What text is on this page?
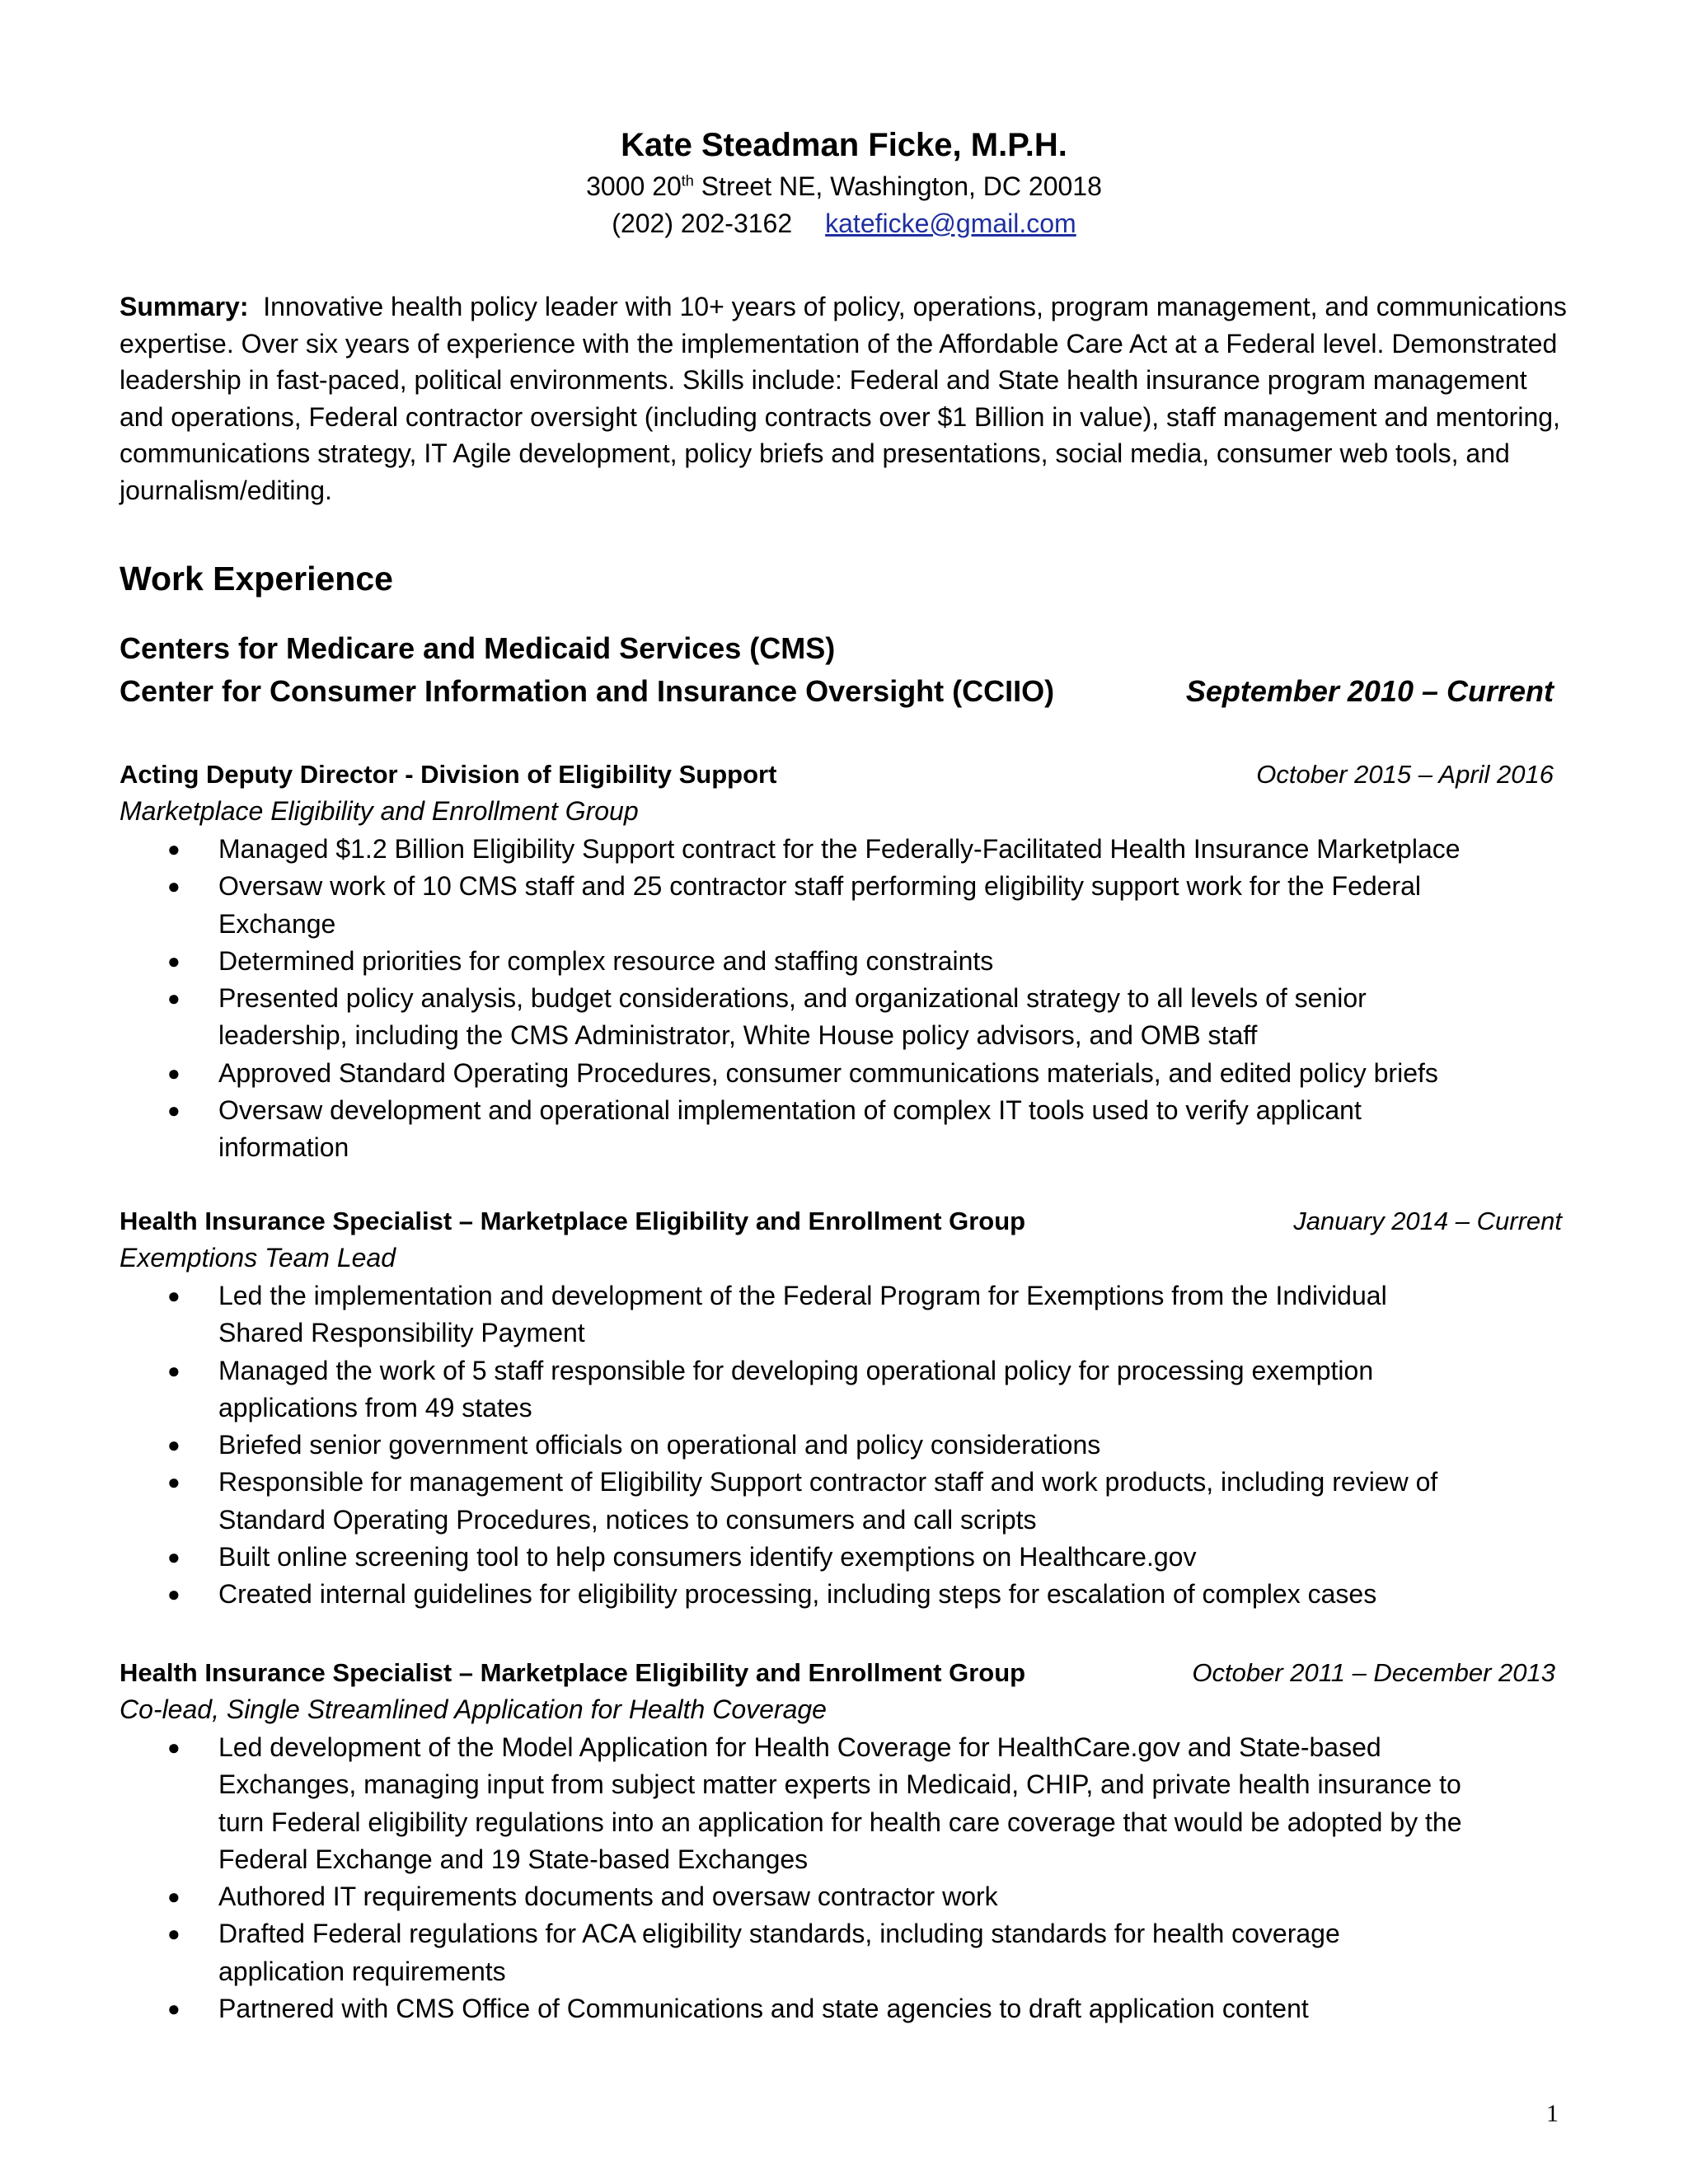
Kate Steadman Ficke, M.P.H.
3000 20th Street NE, Washington, DC 20018
(202) 202-3162 kateficke@gmail.com
Summary: Innovative health policy leader with 10+ years of policy, operations, program management, and communications expertise. Over six years of experience with the implementation of the Affordable Care Act at a Federal level. Demonstrated leadership in fast-paced, political environments. Skills include: Federal and State health insurance program management and operations, Federal contractor oversight (including contracts over $1 Billion in value), staff management and mentoring, communications strategy, IT Agile development, policy briefs and presentations, social media, consumer web tools, and journalism/editing.
Work Experience
Centers for Medicare and Medicaid Services (CMS)
Center for Consumer Information and Insurance Oversight (CCIIO)	September 2010 – Current
Acting Deputy Director - Division of Eligibility Support	October 2015 – April 2016
Marketplace Eligibility and Enrollment Group
● Managed $1.2 Billion Eligibility Support contract for the Federally-Facilitated Health Insurance Marketplace
● Oversaw work of 10 CMS staff and 25 contractor staff performing eligibility support work for the Federal Exchange
● Determined priorities for complex resource and staffing constraints
● Presented policy analysis, budget considerations, and organizational strategy to all levels of senior leadership, including the CMS Administrator, White House policy advisors, and OMB staff
● Approved Standard Operating Procedures, consumer communications materials, and edited policy briefs
● Oversaw development and operational implementation of complex IT tools used to verify applicant information
Health Insurance Specialist – Marketplace Eligibility and Enrollment Group	January 2014 – Current
Exemptions Team Lead
● Led the implementation and development of the Federal Program for Exemptions from the Individual Shared Responsibility Payment
● Managed the work of 5 staff responsible for developing operational policy for processing exemption applications from 49 states
● Briefed senior government officials on operational and policy considerations
● Responsible for management of Eligibility Support contractor staff and work products, including review of Standard Operating Procedures, notices to consumers and call scripts
● Built online screening tool to help consumers identify exemptions on Healthcare.gov
● Created internal guidelines for eligibility processing, including steps for escalation of complex cases
Health Insurance Specialist – Marketplace Eligibility and Enrollment Group	October 2011 – December 2013
Co-lead, Single Streamlined Application for Health Coverage
● Led development of the Model Application for Health Coverage for HealthCare.gov and State-based Exchanges, managing input from subject matter experts in Medicaid, CHIP, and private health insurance to turn Federal eligibility regulations into an application for health care coverage that would be adopted by the Federal Exchange and 19 State-based Exchanges
● Authored IT requirements documents and oversaw contractor work
● Drafted Federal regulations for ACA eligibility standards, including standards for health coverage application requirements
● Partnered with CMS Office of Communications and state agencies to draft application content
1
